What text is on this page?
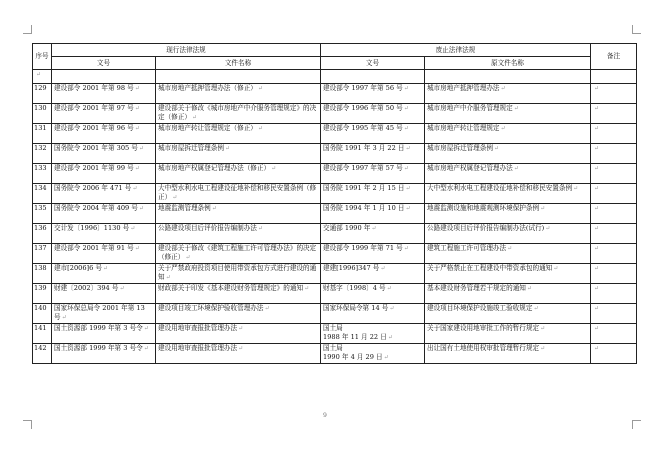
序号	现行法律法规		废止法律法规		备注
	文号	文件名称	文号	原文件名称	
↵					
129	建设部令 2001 年第 98 号↵	城市房地产抵押管理办法（修正）↵	建设部令 1997 年第 56 号↵	城市房地产抵押管理办法↵	↵
130	建设部令 2001 年第 97 号↵	建设部关于修改《城市房地产中介服务管理规定》的决定（修正）↵	建设部令 1996 年第 50 号↵	城市房地产中介服务管理规定↵	↵
131	建设部令 2001 年第 96 号↵	城市房地产转让管理规定（修正）↵	建设部令 1995 年第 45 号↵	城市房地产转让管理规定↵	↵
132	国务院令 2001 年第 305 号↵	城市房屋拆迁管理条例↵	国务院 1991 年 3 月 22 日↵	城市房屋拆迁管理条例↵	↵
133	建设部令 2001 年第 99 号↵	城市房地产权属登记管理办法（修正）↵	建设部令 1997 年第 57 号↵	城市房地产权属登记管理办法↵	↵
134	国务院令 2006 年 471 号↵	大中型水利水电工程建设征地补偿和移民安置条例（修正）↵	国务院 1991 年 2 月 15 日↵	大中型水利水电工程建设征地补偿和移民安置条例↵	↵
135	国务院令 2004 年第 409 号↵	地震监测管理条例↵	国务院 1994 年 1 月 10 日↵	地震监测设施和地震观测环境保护条例↵	↵
136	交计发〔1996〕1130 号↵	公路建设项目后评价报告编制办法↵	交通部 1990 年↵	公路建设项目后评价报告编制办法(试行)↵	↵
137	建设部令 2001 年第 91 号↵	建设部关于修改《建筑工程施工许可管理办法》的决定（修正）↵	建设部令 1999 年第 71 号↵	建筑工程施工许可管理办法↵	↵
138	建市[2006]6 号↵	关于严禁政府投资项目使用带资承包方式进行建设的通知↵	建建[1996]347 号↵	关于严格禁止在工程建设中带资承包的通知↵	↵
139	财建〔2002〕394 号↵	财政部关于印发《基本建设财务管理规定》的通知↵	财基字〔1998〕4 号↵	基本建设财务管理若干规定的通知↵	↵
140	国家环保总局令 2001 年第 13 号↵	建设项目竣工环境保护验收管理办法↵	国家环保局令第 14 号↵	建设项目环境保护设施竣工验收规定↵	↵
141	国土资源部 1999 年第 3 号令↵	建设用地审查报批管理办法↵	国土局
1988 年 11 月 22 日↵	关于国家建设用地审批工作的暂行规定↵	↵
142	国土资源部 1999 年第 3 号令↵	建设用地审查报批管理办法↵	国土局
1990 年 4 月 29 日↵	出让国有土地使用权审批管理暂行规定↵	↵
9
